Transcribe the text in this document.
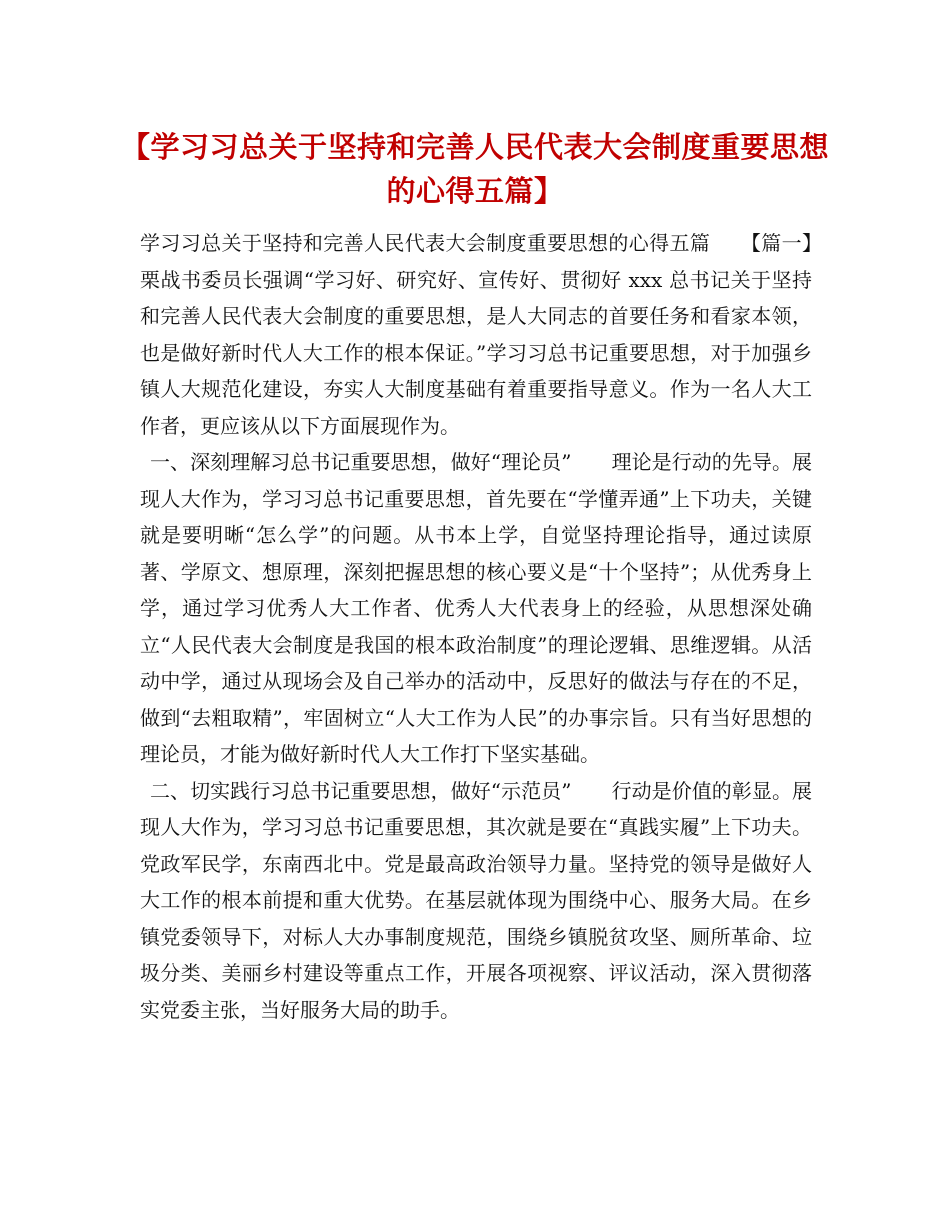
【学习习总关于坚持和完善人民代表大会制度重要思想的心得五篇】

学习习总关于坚持和完善人民代表大会制度重要思想的心得五篇　　【篇一】　栗战书委员长强调“学习好、研究好、宣传好、贯彻好 xxx 总书记关于坚持和完善人民代表大会制度的重要思想，是人大同志的首要任务和看家本领，也是做好新时代人大工作的根本保证。”学习习总书记重要思想，对于加强乡镇人大规范化建设，夯实人大制度基础有着重要指导意义。作为一名人大工作者，更应该从以下方面展现作为。

一、深刻理解习总书记重要思想，做好“理论员”　　理论是行动的先导。展现人大作为，学习习总书记重要思想，首先要在“学懂弄通”上下功夫，关键就是要明晰“怎么学”的问题。从书本上学，自觉坚持理论指导，通过读原著、学原文、想原理，深刻把握思想的核心要义是“十个坚持”；从优秀身上学，通过学习优秀人大工作者、优秀人大代表身上的经验，从思想深处确立“人民代表大会制度是我国的根本政治制度”的理论逻辑、思维逻辑。从活动中学，通过从现场会及自己举办的活动中，反思好的做法与存在的不足，做到“去粗取精”，牢固树立“人大工作为人民”的办事宗旨。只有当好思想的理论员，才能为做好新时代人大工作打下坚实基础。

二、切实践行习总书记重要思想，做好“示范员”　　行动是价值的彰显。展现人大作为，学习习总书记重要思想，其次就是要在“真践实履”上下功夫。党政军民学，东南西北中。党是最高政治领导力量。坚持党的领导是做好人大工作的根本前提和重大优势。在基层就体现为围绕中心、服务大局。在乡镇党委领导下，对标人大办事制度规范，围绕乡镇脱贫攻坚、厕所革命、垃圾分类、美丽乡村建设等重点工作，开展各项视察、评议活动，深入贯彻落实党委主张，当好服务大局的助手。
